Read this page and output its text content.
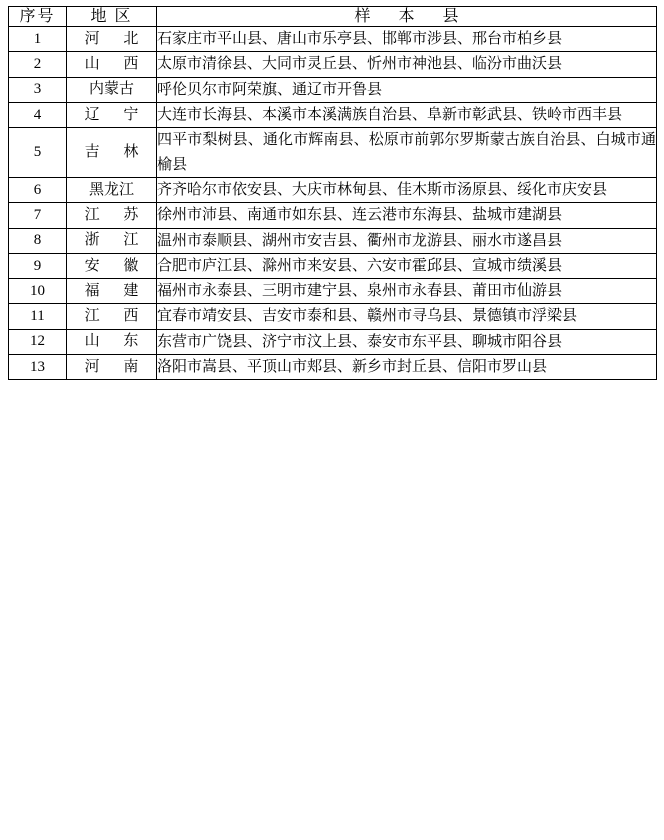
序号	地 区	样 本 县
1	河 北	石家庄市平山县、唐山市乐亭县、邯郸市涉县、邢台市柏乡县
2	山 西	太原市清徐县、大同市灵丘县、忻州市神池县、临汾市曲沃县
3	内蒙古	呼伦贝尔市阿荣旗、通辽市开鲁县
4	辽 宁	大连市长海县、本溪市本溪满族自治县、阜新市彰武县、铁岭市西丰县
5	吉 林	四平市梨树县、通化市辉南县、松原市前郭尔罗斯蒙古族自治县、白城市通榆县
6	黑龙江	齐齐哈尔市依安县、大庆市林甸县、佳木斯市汤原县、绥化市庆安县
7	江 苏	徐州市沛县、南通市如东县、连云港市东海县、盐城市建湖县
8	浙 江	温州市泰顺县、湖州市安吉县、衢州市龙游县、丽水市遂昌县
9	安 徽	合肥市庐江县、滁州市来安县、六安市霍邱县、宣城市绩溪县
10	福 建	福州市永泰县、三明市建宁县、泉州市永春县、莆田市仙游县
11	江 西	宜春市靖安县、吉安市泰和县、赣州市寻乌县、景德镇市浮梁县
12	山 东	东营市广饶县、济宁市汶上县、泰安市东平县、聊城市阳谷县
13	河 南	洛阳市嵩县、平顶山市郏县、新乡市封丘县、信阳市罗山县
